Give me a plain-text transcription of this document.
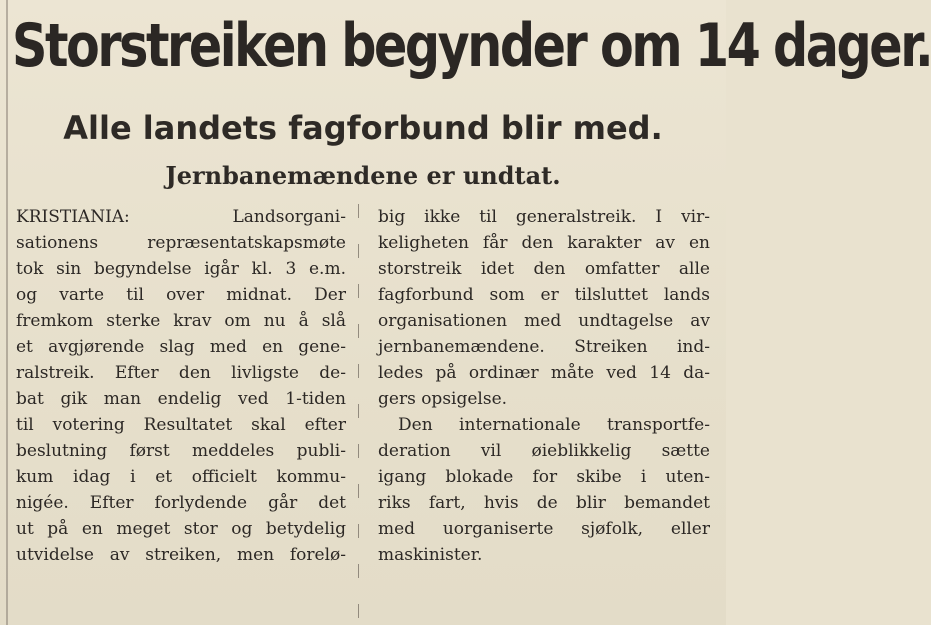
Storstreiken begynder om 14 dager.
Alle landets fagforbund blir med.
Jernbanemændene er undtat.
KRISTIANIA: Landsorgani-
sationens repræsentatskapsmøte
tok sin begyndelse igår kl. 3 e.m.
og varte til over midnat. Der
fremkom sterke krav om nu å slå
et avgjørende slag med en gene-
ralstreik. Efter den livligste de-
bat gik man endelig ved 1-tiden
til votering Resultatet skal efter
beslutning først meddeles publi-
kum idag i et officielt kommu-
nigée. Efter forlydende går det
ut på en meget stor og betydelig
utvidelse av streiken, men forelø-
big ikke til generalstreik. I vir-
keligheten får den karakter av en
storstreik idet den omfatter alle
fagforbund som er tilsluttet lands
organisationen med undtagelse av
jernbanemændene. Streiken ind-
ledes på ordinær måte ved 14 da-
gers opsigelse.
Den internationale transportfe-
deration vil øieblikkelig sætte
igang blokade for skibe i uten-
riks fart, hvis de blir bemandet
med uorganiserte sjøfolk, eller
maskinister.
